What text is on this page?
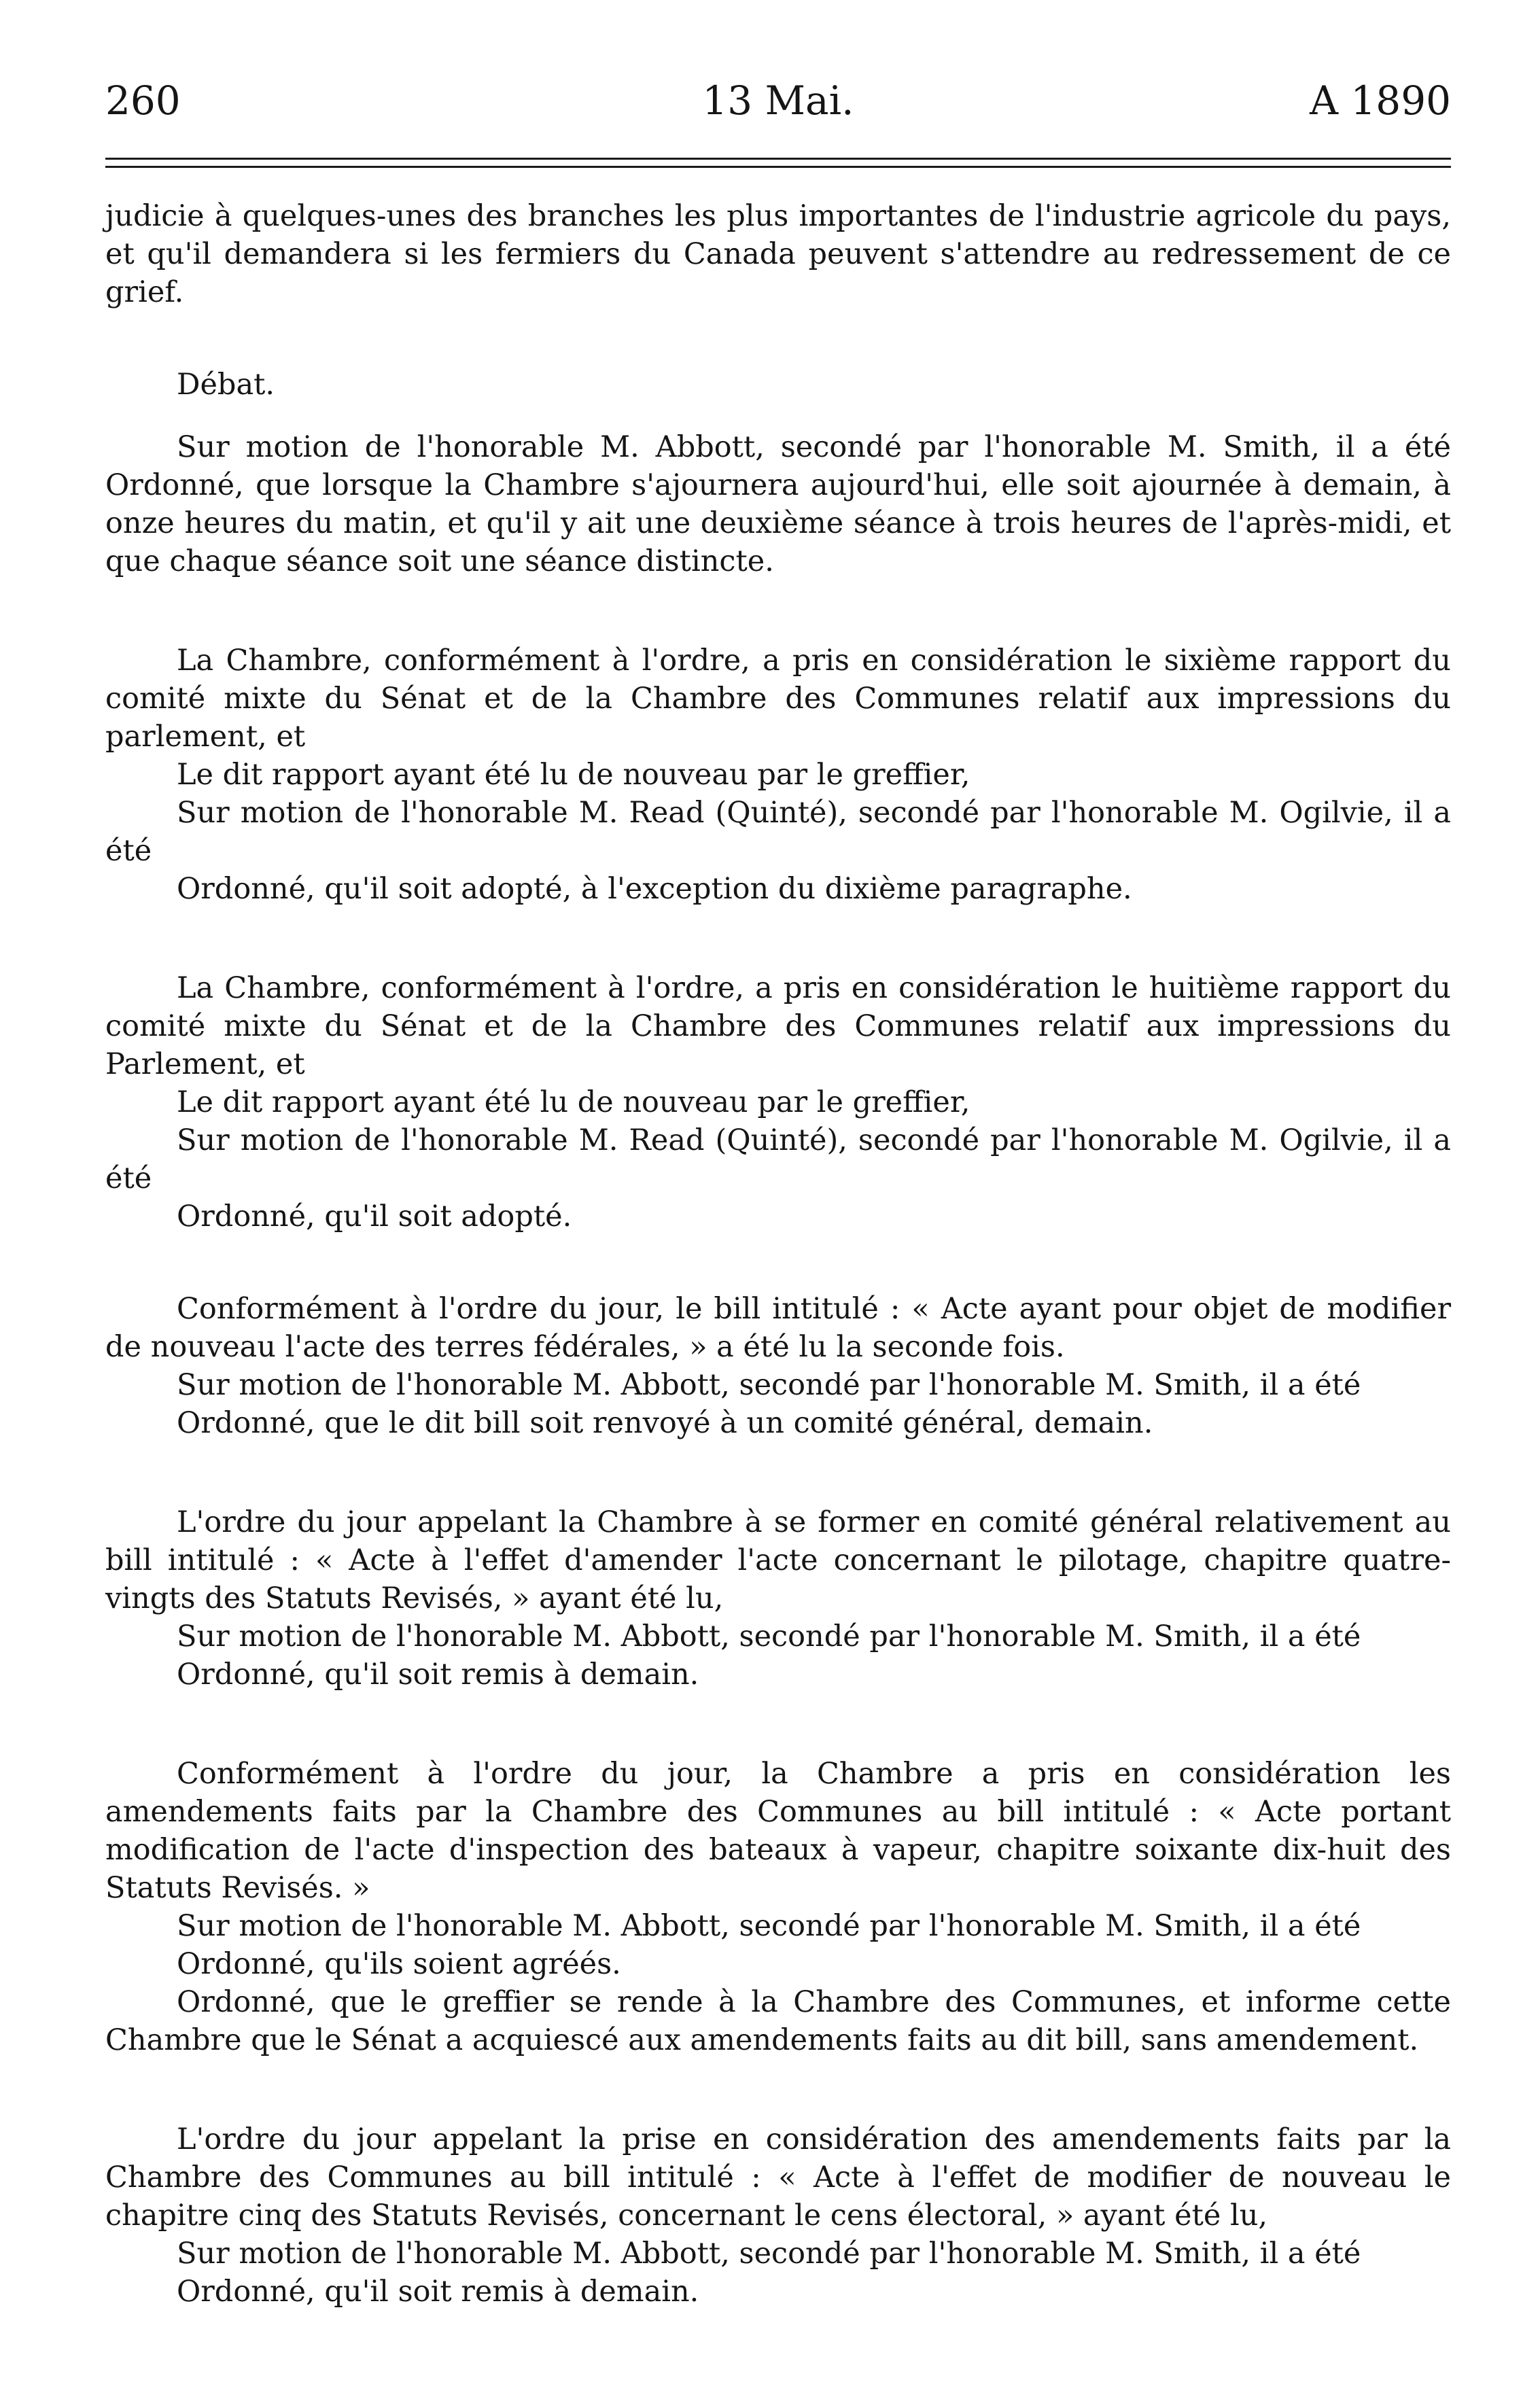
260	13 Mai.	A 1890

judicie à quelques-unes des branches les plus importantes de l'industrie agricole du pays, et qu'il demandera si les fermiers du Canada peuvent s'attendre au redressement de ce grief.

Débat.

Sur motion de l'honorable M. Abbott, secondé par l'honorable M. Smith, il a été Ordonné, que lorsque la Chambre s'ajournera aujourd'hui, elle soit ajournée à demain, à onze heures du matin, et qu'il y ait une deuxième séance à trois heures de l'après-midi, et que chaque séance soit une séance distincte.

La Chambre, conformément à l'ordre, a pris en considération le sixième rapport du comité mixte du Sénat et de la Chambre des Communes relatif aux impressions du parlement, et

Le dit rapport ayant été lu de nouveau par le greffier,

Sur motion de l'honorable M. Read (Quinté), secondé par l'honorable M. Ogilvie, il a été

Ordonné, qu'il soit adopté, à l'exception du dixième paragraphe.

La Chambre, conformément à l'ordre, a pris en considération le huitième rapport du comité mixte du Sénat et de la Chambre des Communes relatif aux impressions du Parlement, et

Le dit rapport ayant été lu de nouveau par le greffier,

Sur motion de l'honorable M. Read (Quinté), secondé par l'honorable M. Ogilvie, il a été

Ordonné, qu'il soit adopté.

Conformément à l'ordre du jour, le bill intitulé : « Acte ayant pour objet de modifier de nouveau l'acte des terres fédérales, » a été lu la seconde fois.

Sur motion de l'honorable M. Abbott, secondé par l'honorable M. Smith, il a été

Ordonné, que le dit bill soit renvoyé à un comité général, demain.

L'ordre du jour appelant la Chambre à se former en comité général relativement au bill intitulé : « Acte à l'effet d'amender l'acte concernant le pilotage, chapitre quatre-vingts des Statuts Revisés, » ayant été lu,

Sur motion de l'honorable M. Abbott, secondé par l'honorable M. Smith, il a été

Ordonné, qu'il soit remis à demain.

Conformément à l'ordre du jour, la Chambre a pris en considération les amendements faits par la Chambre des Communes au bill intitulé : « Acte portant modification de l'acte d'inspection des bateaux à vapeur, chapitre soixante dix-huit des Statuts Revisés. »

Sur motion de l'honorable M. Abbott, secondé par l'honorable M. Smith, il a été

Ordonné, qu'ils soient agréés.

Ordonné, que le greffier se rende à la Chambre des Communes, et informe cette Chambre que le Sénat a acquiescé aux amendements faits au dit bill, sans amendement.

L'ordre du jour appelant la prise en considération des amendements faits par la Chambre des Communes au bill intitulé : « Acte à l'effet de modifier de nouveau le chapitre cinq des Statuts Revisés, concernant le cens électoral, » ayant été lu,

Sur motion de l'honorable M. Abbott, secondé par l'honorable M. Smith, il a été

Ordonné, qu'il soit remis à demain.
